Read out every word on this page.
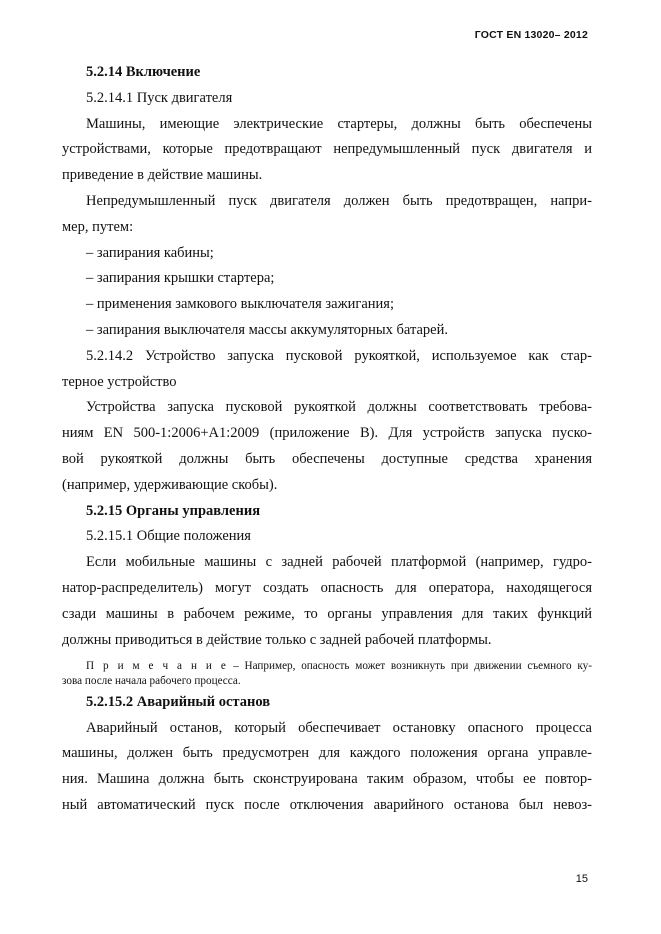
ГОСТ EN 13020– 2012
5.2.14 Включение
5.2.14.1 Пуск двигателя
Машины, имеющие электрические стартеры, должны быть обеспечены
устройствами, которые предотвращают непредумышленный пуск двигателя и
приведение в действие машины.
Непредумышленный пуск двигателя должен быть предотвращен, напри-
мер, путем:
– запирания кабины;
– запирания крышки стартера;
– применения замкового выключателя зажигания;
– запирания выключателя массы аккумуляторных батарей.
5.2.14.2 Устройство запуска пусковой рукояткой, используемое как стар-
терное устройство
Устройства запуска пусковой рукояткой должны соответствовать требова-
ниям EN 500-1:2006+A1:2009 (приложение В). Для устройств запуска пуско-
вой рукояткой должны быть обеспечены доступные средства хранения
(например, удерживающие скобы).
5.2.15 Органы управления
5.2.15.1 Общие положения
Если мобильные машины с задней рабочей платформой (например, гудро-
натор-распределитель) могут создать опасность для оператора, находящегося
сзади машины в рабочем режиме, то органы управления для таких функций
должны приводиться в действие только с задней рабочей платформы.
П р и м е ч а н и е – Например, опасность может возникнуть при движении съемного ку-
зова после начала рабочего процесса.
5.2.15.2 Аварийный останов
Аварийный останов, который обеспечивает остановку опасного процесса
машины, должен быть предусмотрен для каждого положения органа управле-
ния. Машина должна быть сконструирована таким образом, чтобы ее повтор-
ный автоматический пуск после отключения аварийного останова был невоз-
15
